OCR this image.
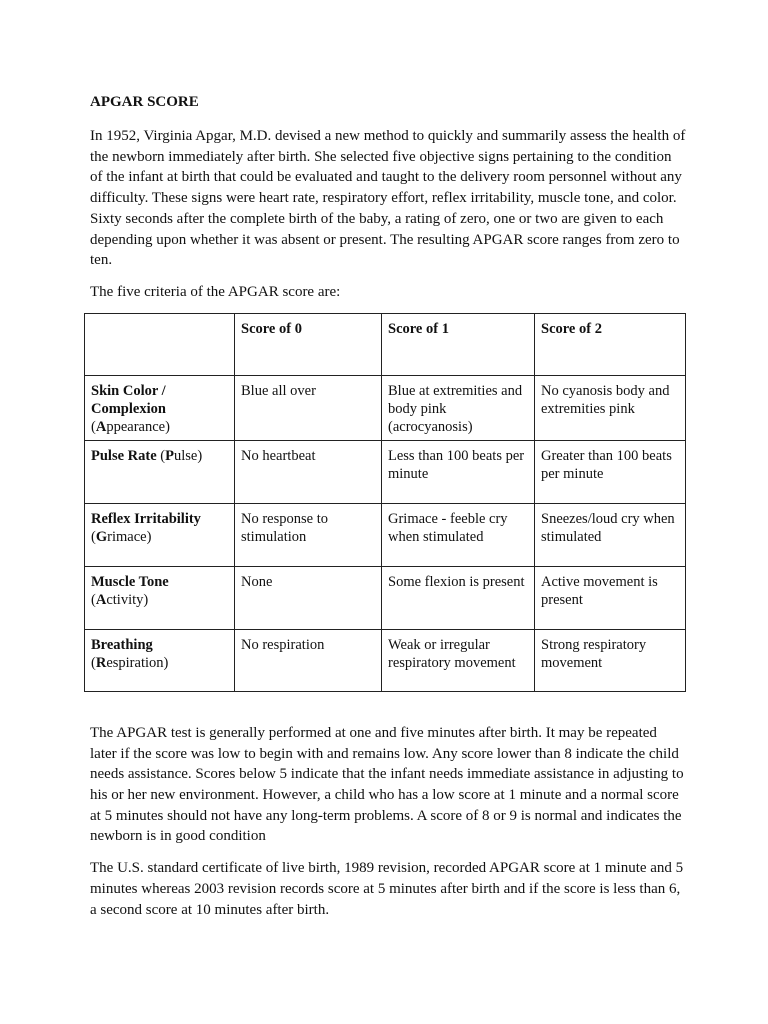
APGAR SCORE

In 1952, Virginia Apgar, M.D. devised a new method to quickly and summarily assess the health of the newborn immediately after birth. She selected five objective signs pertaining to the condition of the infant at birth that could be evaluated and taught to the delivery room personnel without any difficulty. These signs were heart rate, respiratory effort, reflex irritability, muscle tone, and color. Sixty seconds after the complete birth of the baby, a rating of zero, one or two are given to each depending upon whether it was absent or present. The resulting APGAR score ranges from zero to ten.

The five criteria of the APGAR score are:

	Score of 0	Score of 1	Score of 2
Skin Color / Complexion
(Appearance)	Blue all over	Blue at extremities and body pink (acrocyanosis)	No cyanosis body and extremities pink
Pulse Rate (Pulse)	No heartbeat	Less than 100 beats per minute	Greater than 100 beats per minute
Reflex Irritability
(Grimace)	No response to stimulation	Grimace - feeble cry when stimulated	Sneezes/loud cry when stimulated
Muscle Tone
(Activity)	None	Some flexion is present	Active movement is present
Breathing
(Respiration)	No respiration	Weak or irregular respiratory movement	Strong respiratory movement

The APGAR test is generally performed at one and five minutes after birth. It may be repeated later if the score was low to begin with and remains low. Any score lower than 8 indicate the child needs assistance. Scores below 5 indicate that the infant needs immediate assistance in adjusting to his or her new environment. However, a child who has a low score at 1 minute and a normal score at 5 minutes should not have any long-term problems. A score of 8 or 9 is normal and indicates the newborn is in good condition

The U.S. standard certificate of live birth, 1989 revision, recorded APGAR score at 1 minute and 5 minutes whereas 2003 revision records score at 5 minutes after birth and if the score is less than 6, a second score at 10 minutes after birth.
